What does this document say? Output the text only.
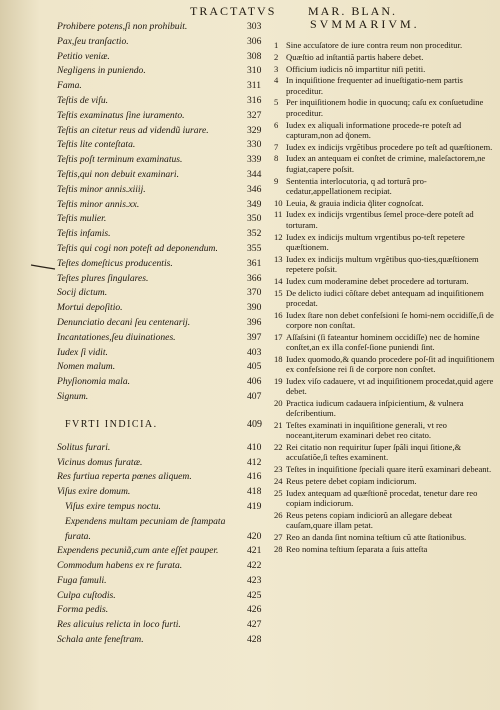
TRACTATVS	MAR. BLAN.
SVMMARIVM.
Prohibere potens,ſi non prohibuit.	303
Pax,ſeu tranſactio.	306
Petitio veniæ.	308
Negligens in puniendo.	310
Fama.	311
Teſtis de viſu.	316
Teſtis examinatus ſine iuramento.	327
Teſtis an citetur reus ad videndũ iurare.	329
Teſtis lite conteſtata.	330
Teſtis poſt terminum examinatus.	339
Teſtis,qui non debuit examinari.	344
Teſtis minor annis.xiiij.	346
Teſtis minor annis.xx.	349
Teſtis mulier.	350
Teſtis infamis.	352
Teſtis qui cogi non poteſt ad deponendum.	355
Teſtes domeſticus producentis.	361
Teſtes plures ſingulares.	366
Socij dictum.	370
Mortui depoſitio.	390
Denunciatio decani ſeu centenarij.	396
Incantationes,ſeu diuinationes.	397
Iudex ſi vidit.	403
Nomen malum.	405
Phyſionomia mala.	406
Signum.	407
FVRTI INDICIA.	409
Solitus furari.	410
Vicinus domus furatæ.	412
Res furtiua reperta pœnes aliquem.	416
Viſus exire domum.	418
Viſus exire tempus noctu.	419
Expendens multam pecuniam de ſtampata
furata.	420
Expendens pecuniã,cum ante eſſet pauper.	421
Commodum habens ex re furata.	422
Fuga famuli.	423
Culpa cuſtodis.	425
Forma pedis.	426
Res alicuius relicta in loco furti.	427
Schala ante feneſtram.	428
1 Sine accuſatore de iure contra reum non proceditur.
2 Quæſtio ad inſtantiã partis habere debet.
3 Officium iudicis nõ impartitur niſi petiti.
4 In inquiſitione frequenter ad inueſtigatio-nem partis proceditur.
5 Per inquiſitionem hodie in quocunq; caſu ex conſuetudine proceditur.
6 Iudex ex aliquali informatione procede-re poteſt ad capturam,non ad q̃onem.
7 Iudex ex indicijs vrgẽtibus procedere po teſt ad quæſtionem.
8 Iudex an antequam ei conſtet de crimine, maleſactorem,ne fugiat,capere poſsit.
9 Sententia interlocutoria, q ad torturã pro-cedatur,appellationem recipiat.
10 Leuia, & grauia indicia q̃liter cognoſcat.
11 Iudex ex indicijs vrgentibus ſemel proce-dere poteſt ad torturam.
12 Iudex ex indicijs multum vrgentibus po-teſt repetere quæſtionem.
13 Iudex ex indicijs multum vrgẽtibus quo-ties,quæſtionem repetere poſsit.
14 Iudex cum moderamine debet procedere ad torturam.
15 De delicto iudici cõſtare debet antequam ad inquiſitionem procedat.
16 Iudex ſtare non debet confeſsioni ſe homi-nem occidiſſe,ſi de corpore non conſtat.
17 Aſſaſsini (ſi fateantur hominem occidiſſe) nec de homine conſtet,an ex illa confeſ-ſione puniendi ſint.
18 Iudex quomodo,& quando procedere poſ-ſit ad inquiſitionem ex confeſsione rei ſi de corpore non conſtet.
19 Iudex viſo cadauere, vt ad inquiſitionem procedat,quid agere debet.
20 Practica iudicum cadauera inſpicientium, & vulnera deſcribentium.
21 Teſtes examinati in inquiſitione generali, vt reo noceant,iterum examinari debet reo citato.
22 Rei citatio non requiritur ſuper ſpãli inqui ſitione,& accuſatiõe,ſi teſtes examinent.
23 Teſtes in inquiſitione ſpeciali quare iterũ examinari debeant.
24 Reus petere debet copiam indiciorum.
25 Iudex antequam ad quæſtionẽ procedat, tenetur dare reo copiam indiciorum.
26 Reus petens copiam indiciorũ an allegare debeat cauſam,quare illam petat.
27 Reo an danda ſint nomina teſtium cũ atte ſtationibus.
28 Reo nomina teſtium ſeparata a ſuis atteſta
